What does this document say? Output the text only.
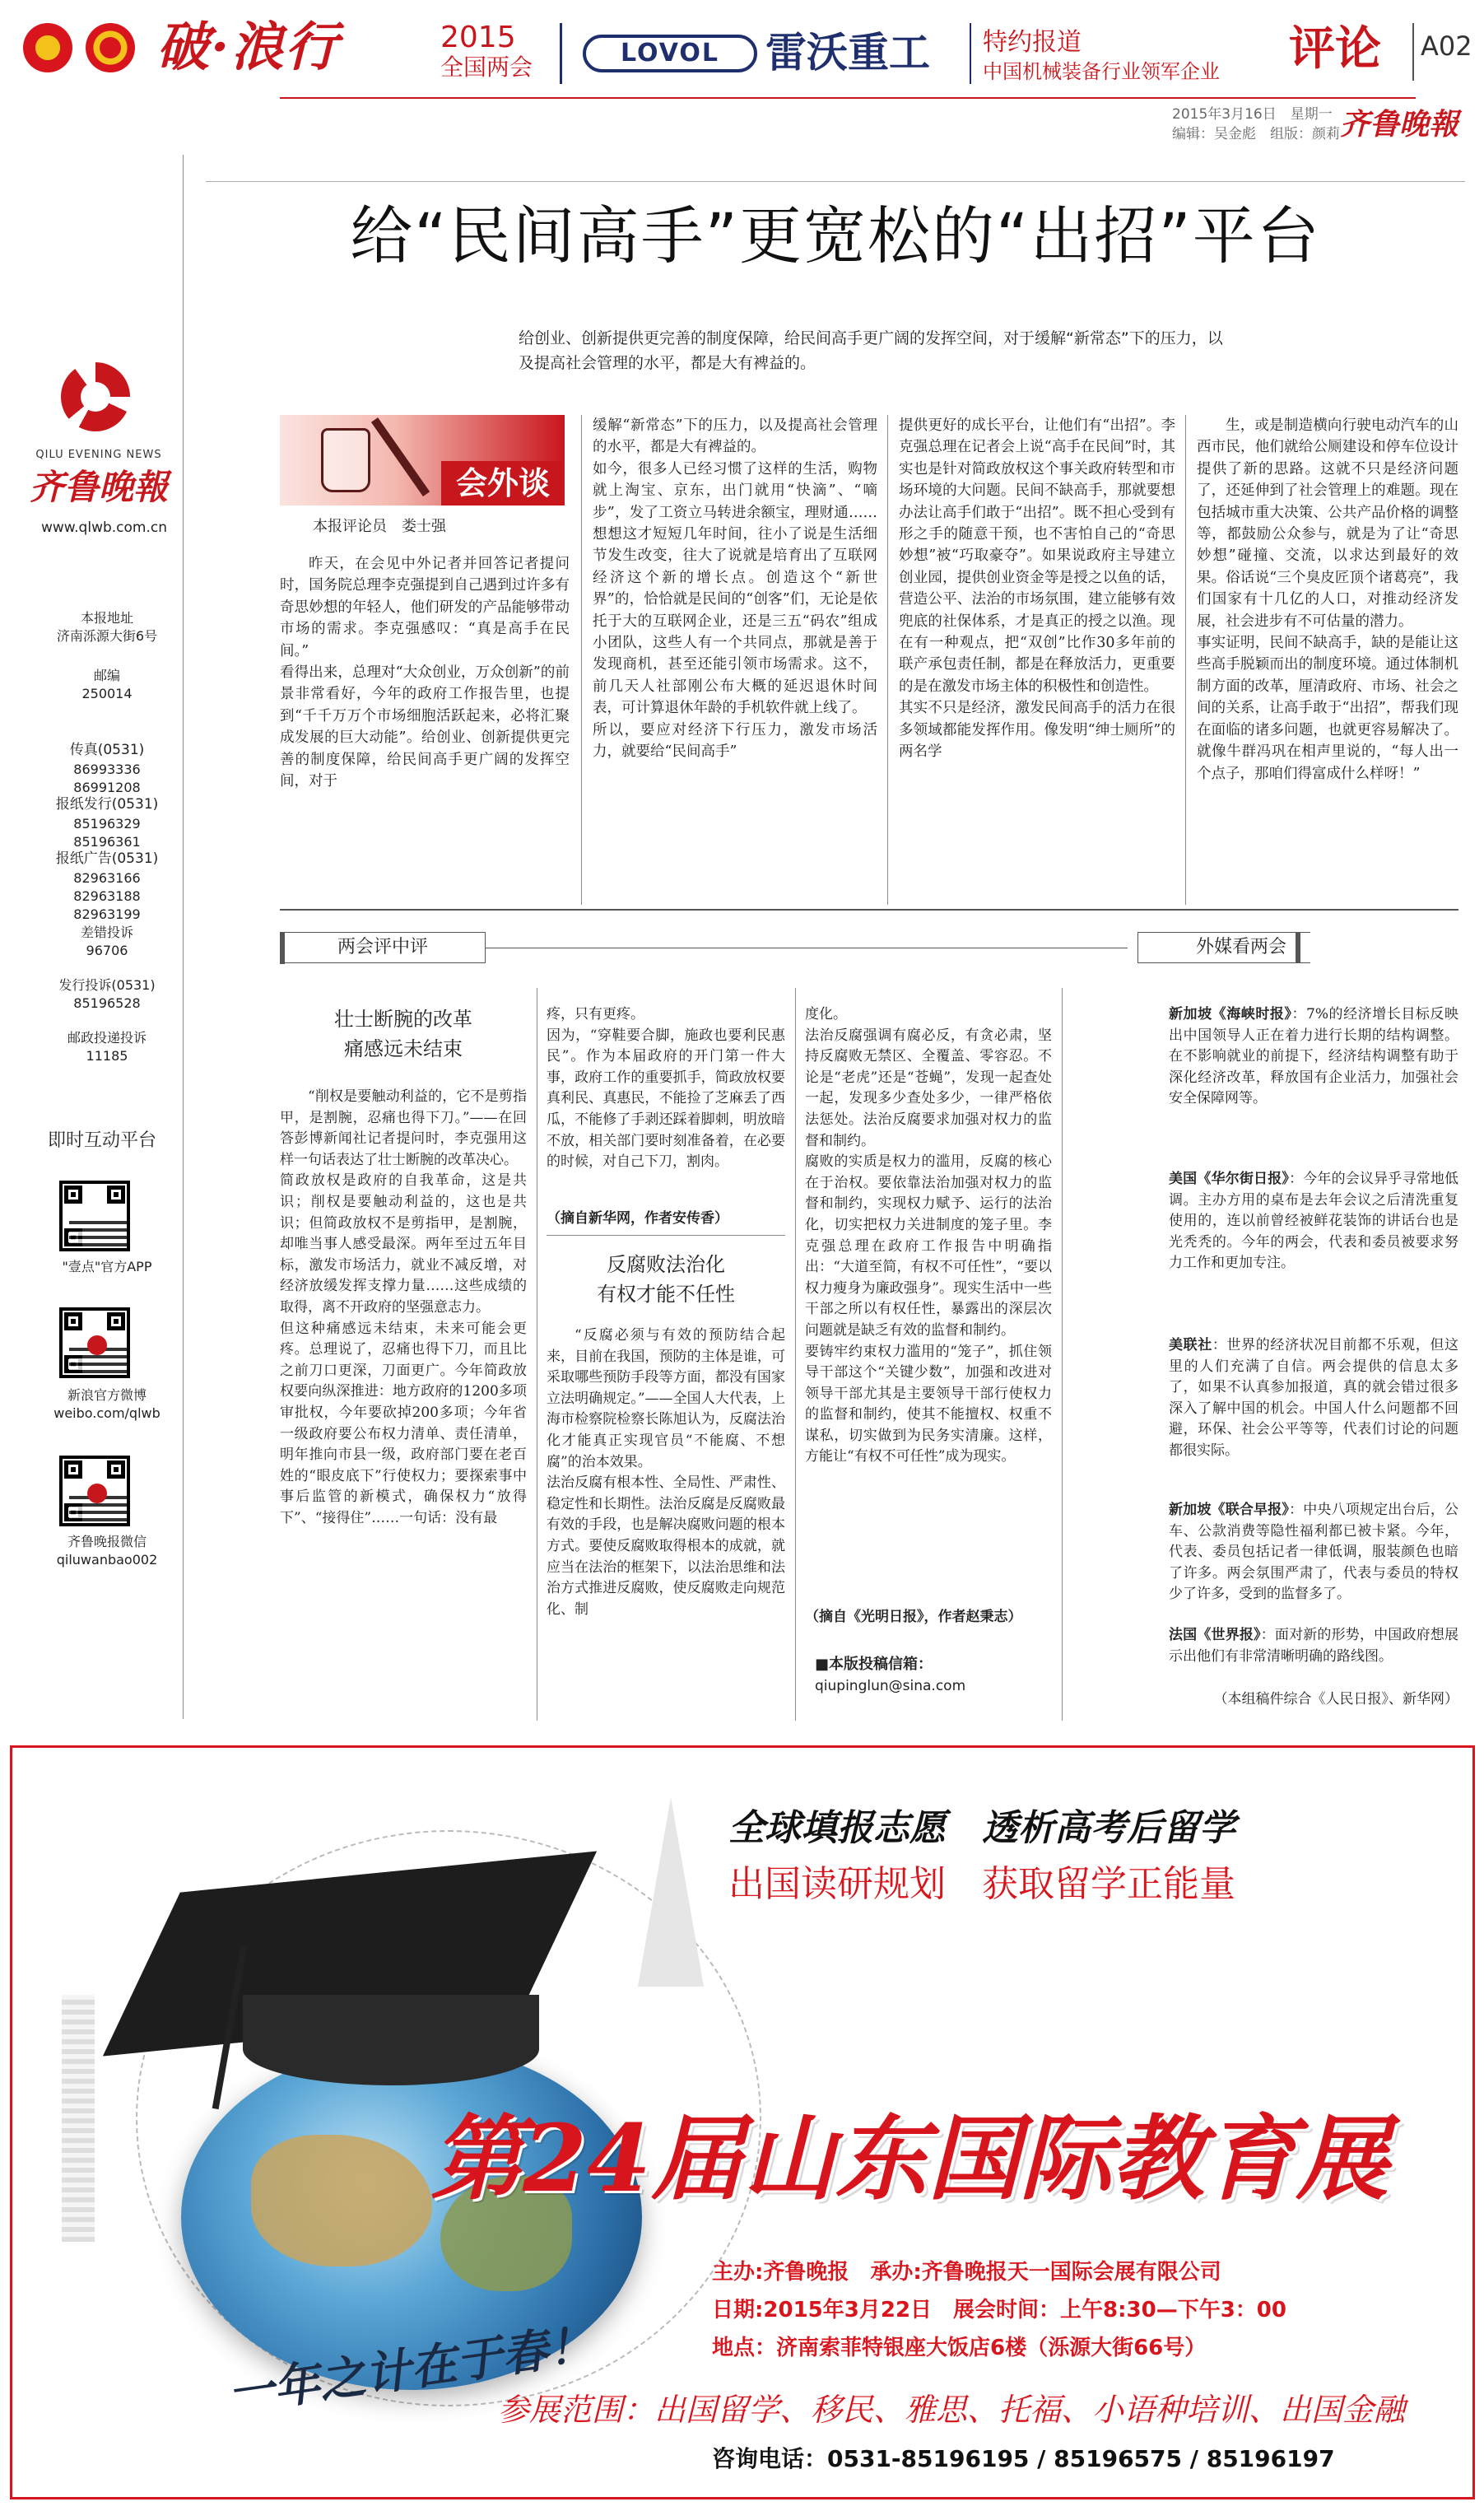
破·浪行	2015
全国两会	LOVOL	雷沃重工 特约报道
中国机械装备行业领军企业 评论 A02
2015年3月16日　星期一
编辑：吴金彪　组版：颜莉 齐鲁晚報
QILU EVENING NEWS
齐鲁晚報
www.qlwb.com.cn
本报地址
济南泺源大街6号
邮编
250014
传真(0531)
86993336 86991208
报纸发行(0531)
85196329 85196361
报纸广告(0531)
82963166 82963188
82963199
差错投诉
96706
发行投诉(0531)
85196528
邮政投递投诉
11185
即时互动平台
"壹点"官方APP
新浪官方微博
weibo.com/qlwb
齐鲁晚报微信
qiluwanbao002
给“民间高手”更宽松的“出招”平台
给创业、创新提供更完善的制度保障，给民间高手更广阔的发挥空间，对于缓解“新常态”下的压力，以及提高社会管理的水平，都是大有裨益的。
会外谈
本报评论员　娄士强
昨天，在会见中外记者并回答记者提问时，国务院总理李克强提到自己遇到过许多有奇思妙想的年轻人，他们研发的产品能够带动市场的需求。李克强感叹：“真是高手在民间。”
看得出来，总理对“大众创业，万众创新”的前景非常看好，今年的政府工作报告里，也提到“千千万万个市场细胞活跃起来，必将汇聚成发展的巨大动能”。给创业、创新提供更完善的制度保障，给民间高手更广阔的发挥空间，对于
缓解“新常态”下的压力，以及提高社会管理的水平，都是大有裨益的。
如今，很多人已经习惯了这样的生活，购物就上淘宝、京东，出门就用“快滴”、“嘀步”，发了工资立马转进余额宝，理财通……想想这才短短几年时间，往小了说是生活细节发生改变，往大了说就是培育出了互联网经济这个新的增长点。创造这个“新世界”的，恰恰就是民间的“创客”们，无论是依托于大的互联网企业，还是三五“码农”组成小团队，这些人有一个共同点，那就是善于发现商机，甚至还能引领市场需求。这不，前几天人社部刚公布大概的延迟退休时间表，可计算退休年龄的手机软件就上线了。
所以，要应对经济下行压力，激发市场活力，就要给“民间高手”
提供更好的成长平台，让他们有“出招”。李克强总理在记者会上说“高手在民间”时，其实也是针对简政放权这个事关政府转型和市场环境的大问题。民间不缺高手，那就要想办法让高手们敢于“出招”。既不担心受到有形之手的随意干预，也不害怕自己的“奇思妙想”被“巧取豪夺”。如果说政府主导建立创业园，提供创业资金等是授之以鱼的话，营造公平、法治的市场氛围，建立能够有效兜底的社保体系，才是真正的授之以渔。现在有一种观点，把“双创”比作30多年前的联产承包责任制，都是在释放活力，更重要的是在激发市场主体的积极性和创造性。
其实不只是经济，激发民间高手的活力在很多领域都能发挥作用。像发明“绅士厕所”的两名学
生，或是制造横向行驶电动汽车的山西市民，他们就给公厕建设和停车位设计提供了新的思路。这就不只是经济问题了，还延伸到了社会管理上的难题。现在包括城市重大决策、公共产品价格的调整等，都鼓励公众参与，就是为了让“奇思妙想”碰撞、交流，以求达到最好的效果。俗话说“三个臭皮匠顶个诸葛亮”，我们国家有十几亿的人口，对推动经济发展，社会进步有不可估量的潜力。
事实证明，民间不缺高手，缺的是能让这些高手脱颖而出的制度环境。通过体制机制方面的改革，厘清政府、市场、社会之间的关系，让高手敢于“出招”，帮我们现在面临的诸多问题，也就更容易解决了。就像牛群冯巩在相声里说的，“每人出一个点子，那咱们得富成什么样呀！”
两会评中评	外媒看两会
壮士断腕的改革
痛感远未结束
“削权是要触动利益的，它不是剪指甲，是割腕，忍痛也得下刀。”——在回答彭博新闻社记者提问时，李克强用这样一句话表达了壮士断腕的改革决心。
简政放权是政府的自我革命，这是共识；削权是要触动利益的，这也是共识；但简政放权不是剪指甲，是割腕，却唯当事人感受最深。两年至过五年目标，激发市场活力，就业不减反增，对经济放缓发挥支撑力量……这些成绩的取得，离不开政府的坚强意志力。
但这种痛感远未结束，未来可能会更疼。总理说了，忍痛也得下刀，而且比之前刀口更深，刀面更广。今年简政放权要向纵深推进：地方政府的1200多项审批权，今年要砍掉200多项；今年省一级政府要公布权力清单、责任清单，明年推向市县一级，政府部门要在老百姓的“眼皮底下”行使权力；要探索事中事后监管的新模式，确保权力“放得下”、“接得住”……一句话：没有最
疼，只有更疼。
因为，“穿鞋要合脚，施政也要利民惠民”。作为本届政府的开门第一件大事，政府工作的重要抓手，简政放权要真利民、真惠民，不能捡了芝麻丢了西瓜，不能修了手剥还踩着脚刺，明放暗不放，相关部门要时刻准备着，在必要的时候，对自己下刀，割肉。
（摘自新华网，作者安传香）
反腐败法治化
有权才能不任性
“反腐必须与有效的预防结合起来，目前在我国，预防的主体是谁，可采取哪些预防手段等方面，都没有国家立法明确规定。”——全国人大代表，上海市检察院检察长陈旭认为，反腐法治化才能真正实现官员“不能腐、不想腐”的治本效果。
法治反腐有根本性、全局性、严肃性、稳定性和长期性。法治反腐是反腐败最有效的手段，也是解决腐败问题的根本方式。要使反腐败取得根本的成就，就应当在法治的框架下，以法治思维和法治方式推进反腐败，使反腐败走向规范化、制
度化。
法治反腐强调有腐必反，有贪必肃，坚持反腐败无禁区、全覆盖、零容忍。不论是“老虎”还是“苍蝇”，发现一起查处一起，发现多少查处多少，一律严格依法惩处。法治反腐要求加强对权力的监督和制约。
腐败的实质是权力的滥用，反腐的核心在于治权。要依靠法治加强对权力的监督和制约，实现权力赋予、运行的法治化，切实把权力关进制度的笼子里。李克强总理在政府工作报告中明确指出：“大道至简，有权不可任性”，“要以权力瘦身为廉政强身”。现实生活中一些干部之所以有权任性，暴露出的深层次问题就是缺乏有效的监督和制约。
要铸牢约束权力滥用的“笼子”，抓住领导干部这个“关键少数”，加强和改进对领导干部尤其是主要领导干部行使权力的监督和制约，使其不能擅权、权重不谋私，切实做到为民务实清廉。这样，方能让“有权不可任性”成为现实。
（摘自《光明日报》，作者赵秉志）
■本版投稿信箱：
qiupinglun@sina.com
新加坡《海峡时报》：7%的经济增长目标反映出中国领导人正在着力进行长期的结构调整。在不影响就业的前提下，经济结构调整有助于深化经济改革，释放国有企业活力，加强社会安全保障网等。
美国《华尔街日报》：今年的会议异乎寻常地低调。主办方用的桌布是去年会议之后清洗重复使用的，连以前曾经被鲜花装饰的讲话台也是光秃秃的。今年的两会，代表和委员被要求努力工作和更加专注。
美联社：世界的经济状况目前都不乐观，但这里的人们充满了自信。两会提供的信息太多了，如果不认真参加报道，真的就会错过很多深入了解中国的机会。中国人什么问题都不回避，环保、社会公平等等，代表们讨论的问题都很实际。
新加坡《联合早报》：中央八项规定出台后，公车、公款消费等隐性福利都已被卡紧。今年，代表、委员包括记者一律低调，服装颜色也暗了许多。两会氛围严肃了，代表与委员的特权少了许多，受到的监督多了。
法国《世界报》：面对新的形势，中国政府想展示出他们有非常清晰明确的路线图。
（本组稿件综合《人民日报》、新华网）
全球填报志愿　透析高考后留学
出国读研规划　获取留学正能量
第24届山东国际教育展
一年之计在于春！
主办:齐鲁晚报　承办:齐鲁晚报天一国际会展有限公司
日期:2015年3月22日　展会时间：上午8:30—下午3：00
地点：济南索菲特银座大饭店6楼（泺源大街66号）
参展范围：出国留学、移民、雅思、托福、小语种培训、出国金融
咨询电话：0531-85196195 / 85196575 / 85196197
